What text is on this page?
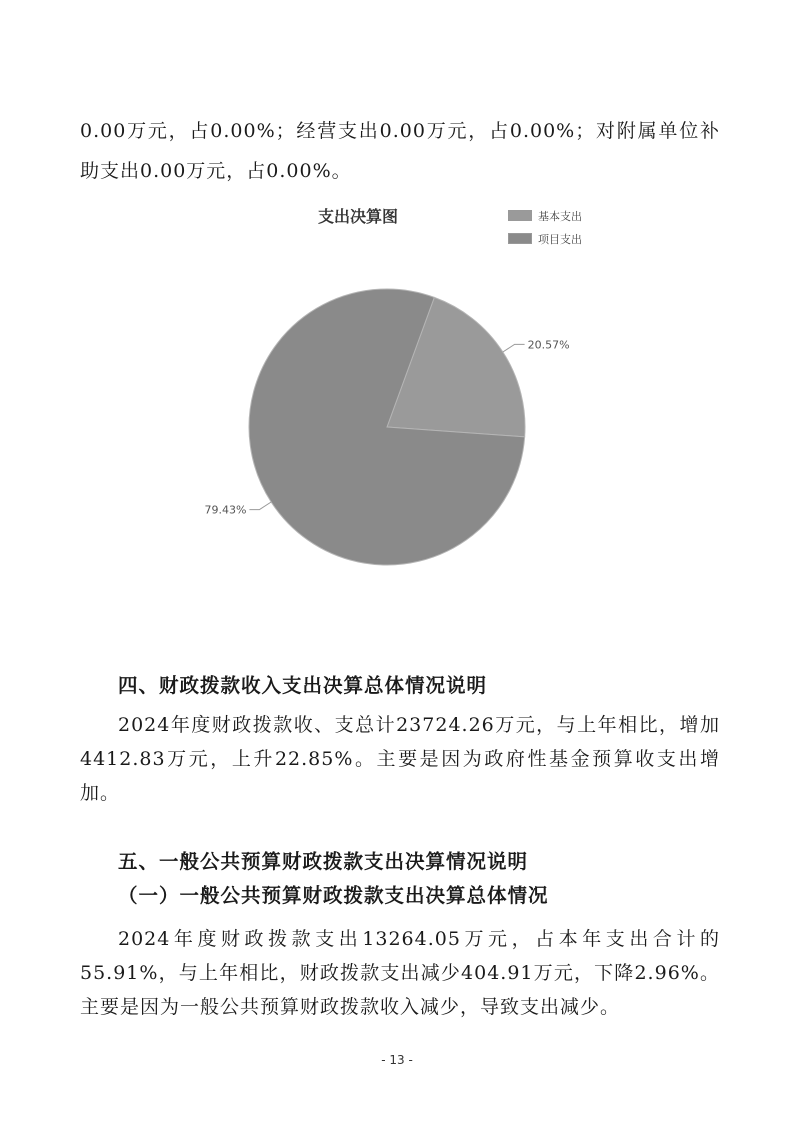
0.00万元，占0.00%；经营支出0.00万元，占0.00%；对附属单位补

助支出0.00万元，占0.00%。

支出决算图	基本支出
项目支出
20.57%
79.43%

四、财政拨款收入支出决算总体情况说明

2024年度财政拨款收、支总计23724.26万元，与上年相比，增加4412.83万元，上升22.85%。主要是因为政府性基金预算收支出增加。

五、一般公共预算财政拨款支出决算情况说明

（一）一般公共预算财政拨款支出决算总体情况

2024年度财政拨款支出13264.05万元，占本年支出合计的55.91%，与上年相比，财政拨款支出减少404.91万元，下降2.96%。主要是因为一般公共预算财政拨款收入减少，导致支出减少。

- 13 -
